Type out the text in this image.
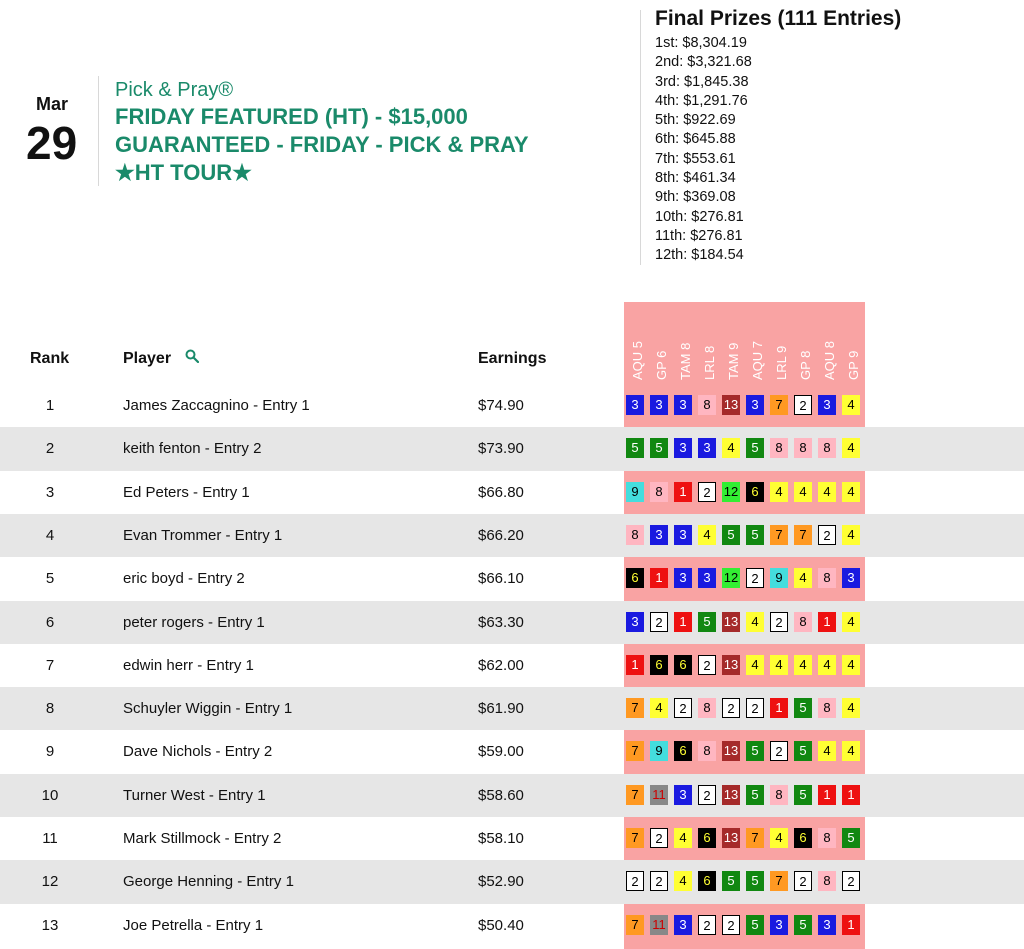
Mar
29
Pick & Pray®
FRIDAY FEATURED (HT) - $15,000
GUARANTEED - FRIDAY - PICK & PRAY
★HT TOUR★
Final Prizes (111 Entries)
1st: $8,304.19
2nd: $3,321.68
3rd: $1,845.38
4th: $1,291.76
5th: $922.69
6th: $645.88
7th: $553.61
8th: $461.34
9th: $369.08
10th: $276.81
11th: $276.81
12th: $184.54
Rank	Player	Earnings	AQU 5 GP 6 TAM 8 LRL 8 TAM 9 AQU 7 LRL 9 GP 8 AQU 8 GP 9
1	James Zaccagnino - Entry 1	$74.90	3	3	3	8	13	3	7	2	3	4
2	keith fenton - Entry 2	$73.90	5	5	3	3	4	5	8	8	8	4
3	Ed Peters - Entry 1	$66.80	9	8	1	2	12	6	4	4	4	4
4	Evan Trommer - Entry 1	$66.20	8	3	3	4	5	5	7	7	2	4
5	eric boyd - Entry 2	$66.10	6	1	3	3	12	2	9	4	8	3
6	peter rogers - Entry 1	$63.30	3	2	1	5	13	4	2	8	1	4
7	edwin herr - Entry 1	$62.00	1	6	6	2	13	4	4	4	4	4
8	Schuyler Wiggin - Entry 1	$61.90	7	4	2	8	2	2	1	5	8	4
9	Dave Nichols - Entry 2	$59.00	7	9	6	8	13	5	2	5	4	4
10	Turner West - Entry 1	$58.60	7	11	3	2	13	5	8	5	1	1
11	Mark Stillmock - Entry 2	$58.10	7	2	4	6	13	7	4	6	8	5
12	George Henning - Entry 1	$52.90	2	2	4	6	5	5	7	2	8	2
13	Joe Petrella - Entry 1	$50.40	7	11	3	2	2	5	3	5	3	1
